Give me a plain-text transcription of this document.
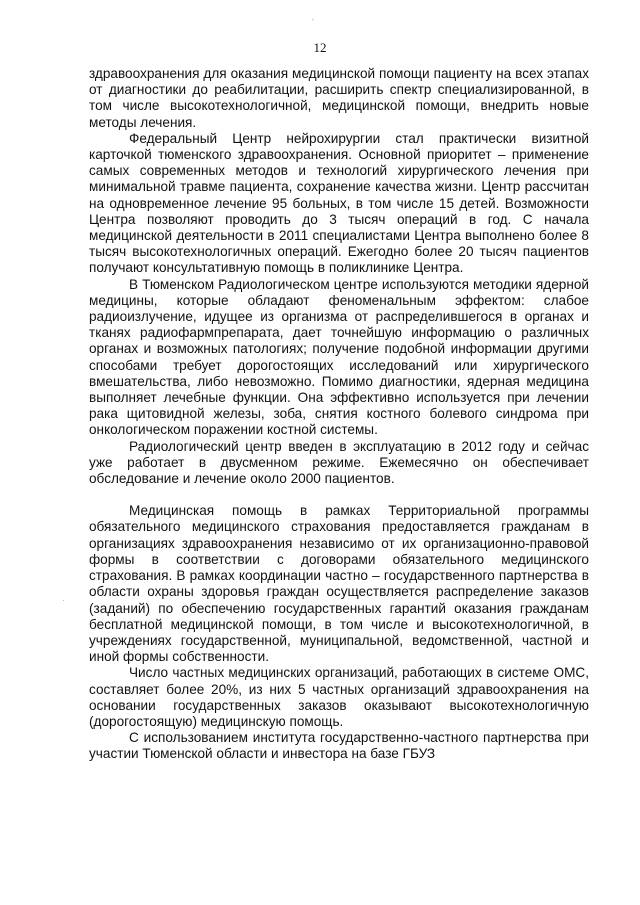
ʼ
·
12

здравоохранения для оказания медицинской помощи пациенту на всех этапах от диагностики до реабилитации, расширить спектр специализированной, в том числе высокотехнологичной, медицинской помощи, внедрить новые методы лечения.

Федеральный Центр нейрохирургии стал практически визитной карточкой тюменского здравоохранения. Основной приоритет – применение самых современных методов и технологий хирургического лечения при минимальной травме пациента, сохранение качества жизни. Центр рассчитан на одновременное лечение 95 больных, в том числе 15 детей. Возможности Центра позволяют проводить до 3 тысяч операций в год. С начала медицинской деятельности в 2011 специалистами Центра выполнено более 8 тысяч высокотехнологичных операций. Ежегодно более 20 тысяч пациентов получают консультативную помощь в поликлинике Центра.

В Тюменском Радиологическом центре используются методики ядерной медицины, которые обладают феноменальным эффектом: слабое радиоизлучение, идущее из организма от распределившегося в органах и тканях радиофармпрепарата, дает точнейшую информацию о различных органах и возможных патологиях; получение подобной информации другими способами требует дорогостоящих исследований или хирургического вмешательства, либо невозможно. Помимо диагностики, ядерная медицина выполняет лечебные функции. Она эффективно используется при лечении рака щитовидной железы, зоба, снятия костного болевого синдрома при онкологическом поражении костной системы.

Радиологический центр введен в эксплуатацию в 2012 году и сейчас уже работает в двусменном режиме. Ежемесячно он обеспечивает обследование и лечение около 2000 пациентов.

Медицинская помощь в рамках Территориальной программы обязательного медицинского страхования предоставляется гражданам в организациях здравоохранения независимо от их организационно-правовой формы в соответствии с договорами обязательного медицинского страхования. В рамках координации частно – государственного партнерства в области охраны здоровья граждан осуществляется распределение заказов (заданий) по обеспечению государственных гарантий оказания гражданам бесплатной медицинской помощи, в том числе и высокотехнологичной, в учреждениях государственной, муниципальной, ведомственной, частной и иной формы собственности.

Число частных медицинских организаций, работающих в системе ОМС, составляет более 20%, из них 5 частных организаций здравоохранения на основании государственных заказов оказывают высокотехнологичную (дорогостоящую) медицинскую помощь.

С использованием института государственно-частного партнерства при участии Тюменской области и инвестора на базе ГБУЗ
